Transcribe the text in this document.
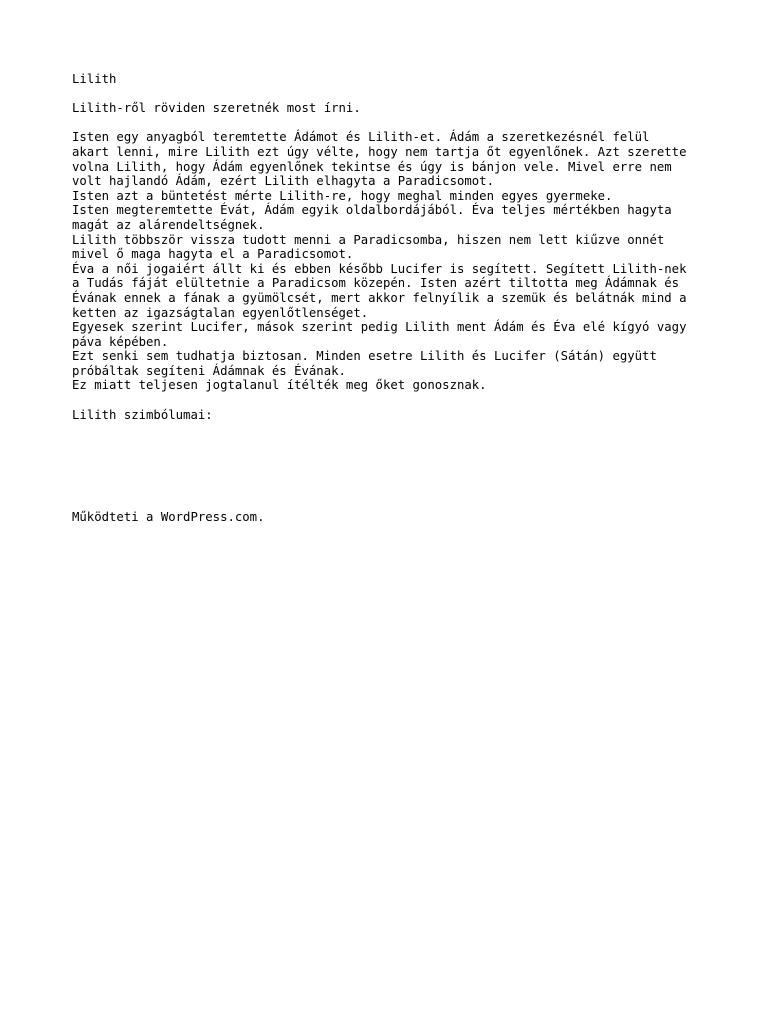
Lilith
Lilith-ről röviden szeretnék most írni.
Isten egy anyagból teremtette Ádámot és Lilith-et. Ádám a szeretkezésnél felül
akart lenni, mire Lilith ezt úgy vélte, hogy nem tartja őt egyenlőnek. Azt szerette
volna Lilith, hogy Ádám egyenlőnek tekintse és úgy is bánjon vele. Mivel erre nem
volt hajlandó Ádám, ezért Lilith elhagyta a Paradicsomot.
Isten azt a büntetést mérte Lilith-re, hogy meghal minden egyes gyermeke.
Isten megteremtette Évát, Ádám egyik oldalbordájából. Éva teljes mértékben hagyta
magát az alárendeltségnek.
Lilith többször vissza tudott menni a Paradicsomba, hiszen nem lett kiűzve onnét
mivel ő maga hagyta el a Paradicsomot.
Éva a női jogaiért állt ki és ebben később Lucifer is segített. Segített Lilith-nek
a Tudás fáját elültetnie a Paradicsom közepén. Isten azért tiltotta meg Ádámnak és
Évának ennek a fának a gyümölcsét, mert akkor felnyílik a szemük és belátnák mind a
ketten az igazságtalan egyenlőtlenséget.
Egyesek szerint Lucifer, mások szerint pedig Lilith ment Ádám és Éva elé kígyó vagy
páva képében.
Ezt senki sem tudhatja biztosan. Minden esetre Lilith és Lucifer (Sátán) együtt
próbáltak segíteni Ádámnak és Évának.
Ez miatt teljesen jogtalanul ítélték meg őket gonosznak.
Lilith szimbólumai:
Működteti a WordPress.com.
